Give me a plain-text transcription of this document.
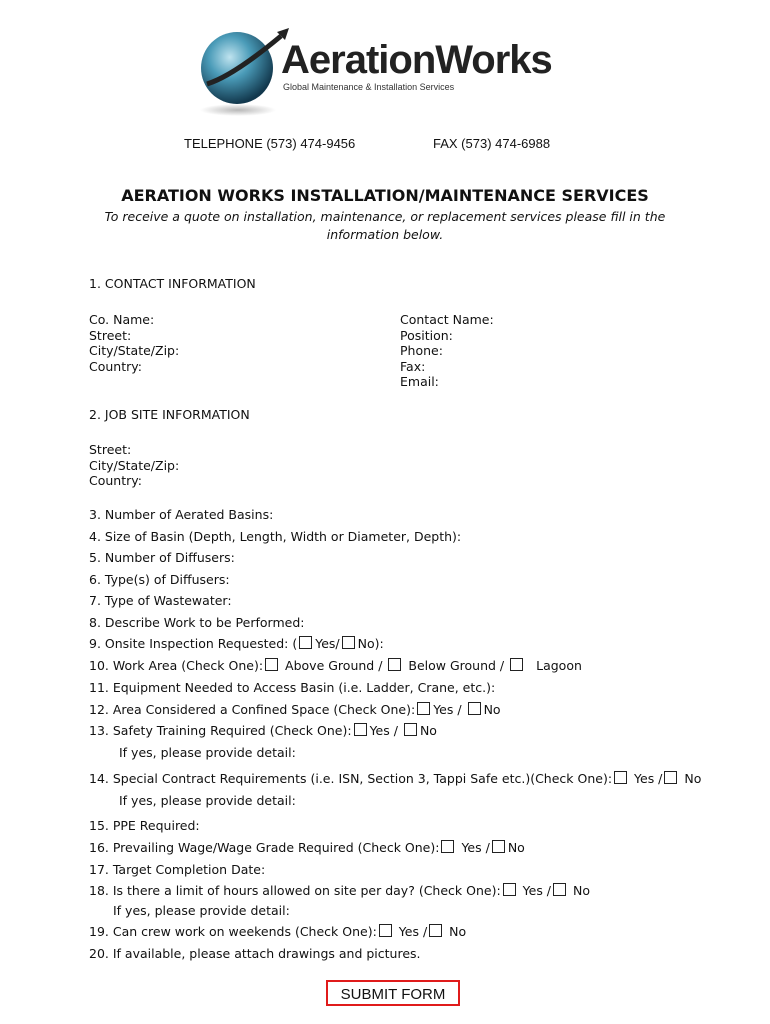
AerationWorks
Global Maintenance & Installation Services
TELEPHONE (573) 474-9456	FAX (573) 474-6988
AERATION WORKS INSTALLATION/MAINTENANCE SERVICES
To receive a quote on installation, maintenance, or replacement services please fill in the information below.
1. CONTACT INFORMATION
Co. Name:
Street:
City/State/Zip:
Country:
Contact Name:
Position:
Phone:
Fax:
Email:
2. JOB SITE INFORMATION
Street:
City/State/Zip:
Country:
3. Number of Aerated Basins:
4. Size of Basin (Depth, Length, Width or Diameter, Depth):
5. Number of Diffusers:
6. Type(s) of Diffusers:
7. Type of Wastewater:
8. Describe Work to be Performed:
9. Onsite Inspection Requested: ( Yes/ No):
10. Work Area (Check One): Above Ground / Below Ground /	Lagoon
11. Equipment Needed to Access Basin (i.e. Ladder, Crane, etc.):
12. Area Considered a Confined Space (Check One): Yes / No
13. Safety Training Required (Check One): Yes / No
If yes, please provide detail:
14. Special Contract Requirements (i.e. ISN, Section 3, Tappi Safe etc.)(Check One): Yes / No
If yes, please provide detail:
15. PPE Required:
16. Prevailing Wage/Wage Grade Required (Check One): Yes / No
17. Target Completion Date:
18. Is there a limit of hours allowed on site per day? (Check One): Yes / No
If yes, please provide detail:
19. Can crew work on weekends (Check One): Yes / No
20. If available, please attach drawings and pictures.
SUBMIT FORM
